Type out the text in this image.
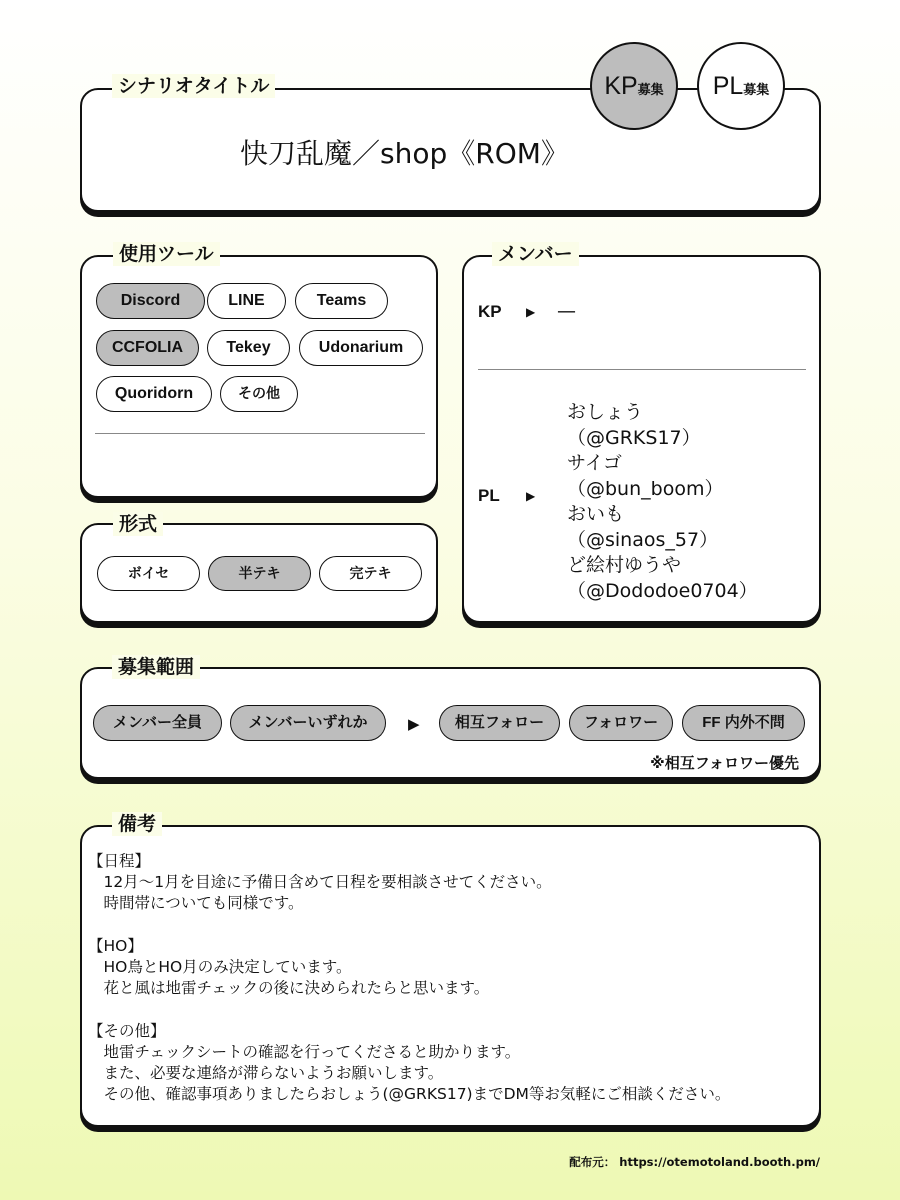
シナリオタイトル
快刀乱魔／shop《ROM》
KP募集	PL募集
使用ツール
Discord	LINE	Teams
CCFOLIA	Tekey	Udonarium
Quoridorn	その他
形式
ボイセ	半テキ	完テキ
メンバー
KP ▶ —
PL ▶
おしょう
（@GRKS17）
サイゴ
（@bun_boom）
おいも
（@sinaos_57）
ど絵村ゆうや
（@Dododoe0704）
募集範囲
メンバー全員	メンバーいずれか	相互フォロー	フォロワー	FF 内外不問
▶
※相互フォロワー優先
備考
【日程】
　12月〜1月を目途に予備日含めて日程を要相談させてください。
　時間帯についても同様です。
【HO】
　HO鳥とHO月のみ決定しています。
　花と風は地雷チェックの後に決められたらと思います。
【その他】
　地雷チェックシートの確認を行ってくださると助かります。
　また、必要な連絡が滞らないようお願いします。
　その他、確認事項ありましたらおしょう(@GRKS17)までDM等お気軽にご相談ください。
配布元： https://otemotoland.booth.pm/
